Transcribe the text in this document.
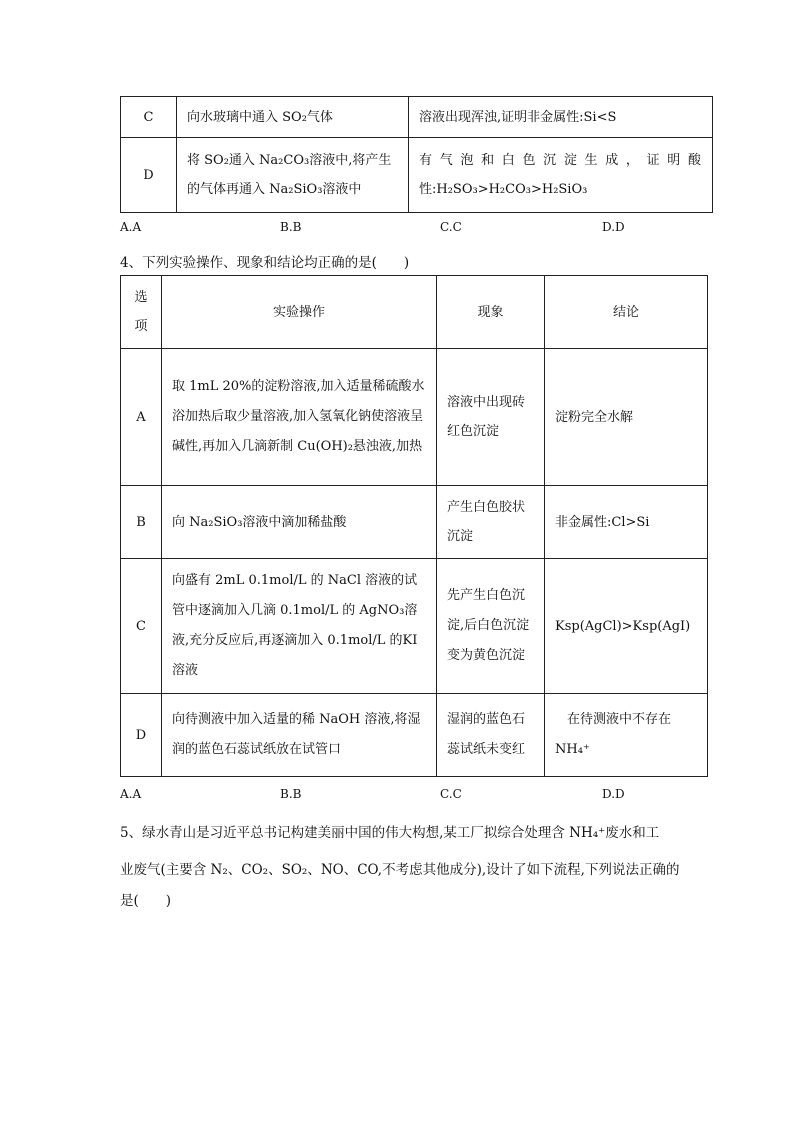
C	向水玻璃中通入 SO₂气体	溶液出现浑浊,证明非金属性:Si<S
D	将 SO₂通入 Na₂CO₃溶液中,将产生的气体再通入 Na₂SiO₃溶液中	有气泡和白色沉淀生成，证明酸
性:H₂SO₃>H₂CO₃>H₂SiO₃
A.A	B.B	C.C	D.D
4、下列实验操作、现象和结论均正确的是(　　)
选项	实验操作	现象	结论
A	取 1mL 20%的淀粉溶液,加入适量稀硫酸水浴加热后取少量溶液,加入氢氧化钠使溶液呈碱性,再加入几滴新制 Cu(OH)₂悬浊液,加热	溶液中出现砖红色沉淀	淀粉完全水解
B	向 Na₂SiO₃溶液中滴加稀盐酸	产生白色胶状沉淀	非金属性:Cl>Si
C	向盛有 2mL 0.1mol/L 的 NaCl 溶液的试管中逐滴加入几滴 0.1mol/L 的 AgNO₃溶液,充分反应后,再逐滴加入 0.1mol/L 的KI溶液	先产生白色沉淀,后白色沉淀变为黄色沉淀	Ksp(AgCl)>Ksp(AgI)
D	向待测液中加入适量的稀 NaOH 溶液,将湿润的蓝色石蕊试纸放在试管口	湿润的蓝色石蕊试纸未变红	在待测液中不存在
NH₄⁺
A.A	B.B	C.C	D.D
5、绿水青山是习近平总书记构建美丽中国的伟大构想,某工厂拟综合处理含 NH₄⁺废水和工
业废气(主要含 N₂、CO₂、SO₂、NO、CO,不考虑其他成分),设计了如下流程,下列说法正确的
是(　　)
